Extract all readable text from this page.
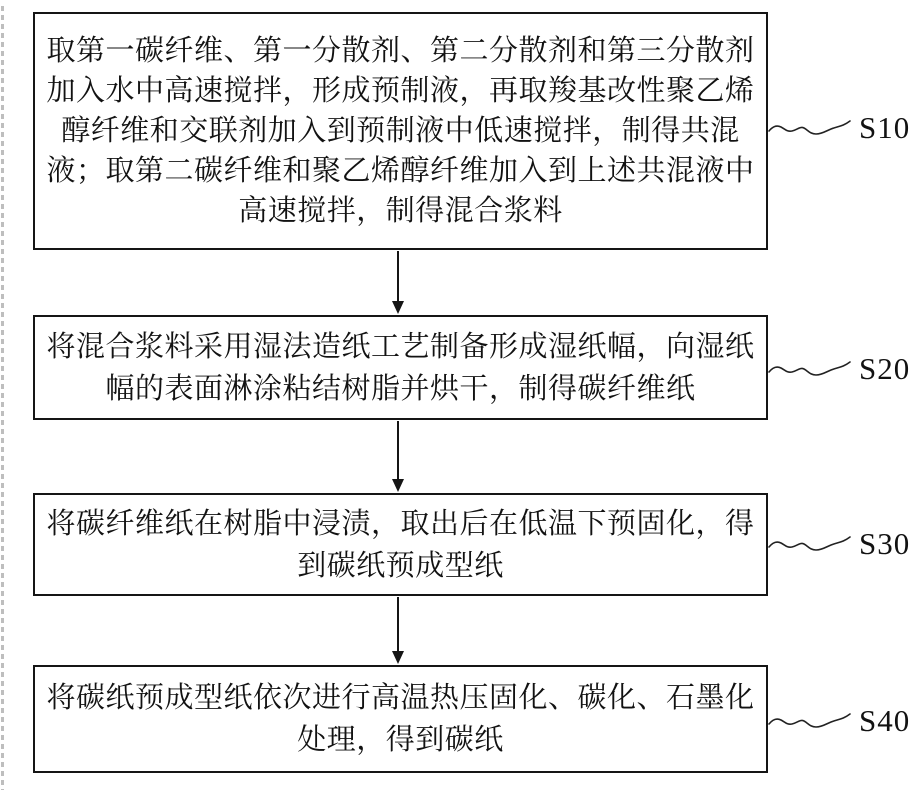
取第一碳纤维、第一分散剂、第二分散剂和第三分散剂
加入水中高速搅拌，形成预制液，再取羧基改性聚乙烯
醇纤维和交联剂加入到预制液中低速搅拌，制得共混
液；取第二碳纤维和聚乙烯醇纤维加入到上述共混液中
高速搅拌，制得混合浆料
将混合浆料采用湿法造纸工艺制备形成湿纸幅，向湿纸
幅的表面淋涂粘结树脂并烘干，制得碳纤维纸
将碳纤维纸在树脂中浸渍，取出后在低温下预固化，得
到碳纸预成型纸
将碳纸预成型纸依次进行高温热压固化、碳化、石墨化
处理，得到碳纸
S10
S20
S30
S40
